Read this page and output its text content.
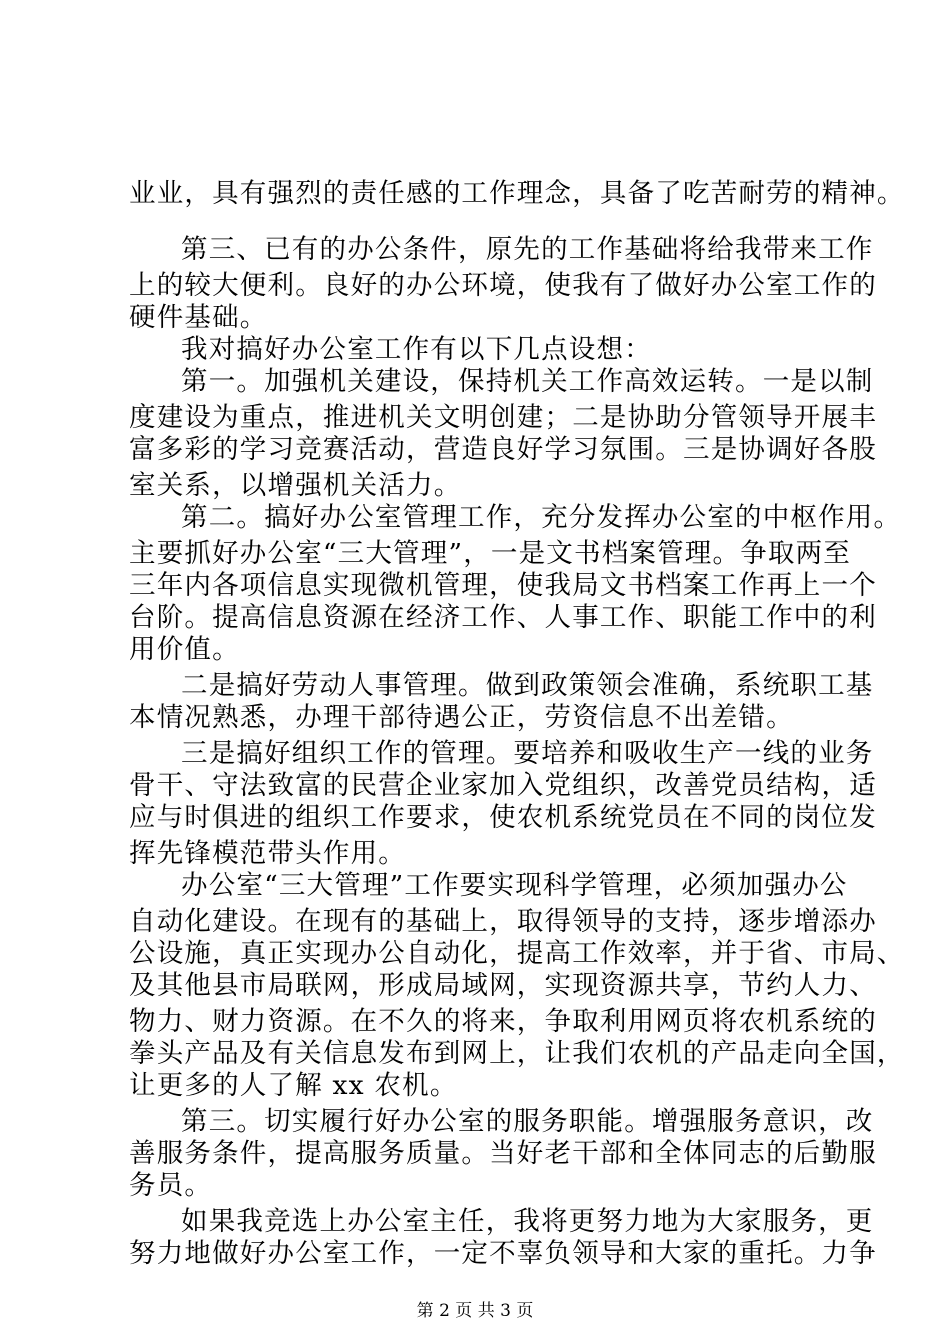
业业，具有强烈的责任感的工作理念，具备了吃苦耐劳的精神。
第三、已有的办公条件，原先的工作基础将给我带来工作
上的较大便利。良好的办公环境，使我有了做好办公室工作的
硬件基础。
我对搞好办公室工作有以下几点设想：
第一。加强机关建设，保持机关工作高效运转。一是以制
度建设为重点，推进机关文明创建；二是协助分管领导开展丰
富多彩的学习竞赛活动，营造良好学习氛围。三是协调好各股
室关系，以增强机关活力。
第二。搞好办公室管理工作，充分发挥办公室的中枢作用。
主要抓好办公室“三大管理”，一是文书档案管理。争取两至
三年内各项信息实现微机管理，使我局文书档案工作再上一个
台阶。提高信息资源在经济工作、人事工作、职能工作中的利
用价值。
二是搞好劳动人事管理。做到政策领会准确，系统职工基
本情况熟悉，办理干部待遇公正，劳资信息不出差错。
三是搞好组织工作的管理。要培养和吸收生产一线的业务
骨干、守法致富的民营企业家加入党组织，改善党员结构，适
应与时俱进的组织工作要求，使农机系统党员在不同的岗位发
挥先锋模范带头作用。
办公室“三大管理”工作要实现科学管理，必须加强办公
自动化建设。在现有的基础上，取得领导的支持，逐步增添办
公设施，真正实现办公自动化，提高工作效率，并于省、市局、
及其他县市局联网，形成局域网，实现资源共享，节约人力、
物力、财力资源。在不久的将来，争取利用网页将农机系统的
拳头产品及有关信息发布到网上，让我们农机的产品走向全国，
让更多的人了解 xx 农机。
第三。切实履行好办公室的服务职能。增强服务意识，改
善服务条件，提高服务质量。当好老干部和全体同志的后勤服
务员。
如果我竞选上办公室主任，我将更努力地为大家服务，更
努力地做好办公室工作，一定不辜负领导和大家的重托。力争
第 2 页 共 3 页
